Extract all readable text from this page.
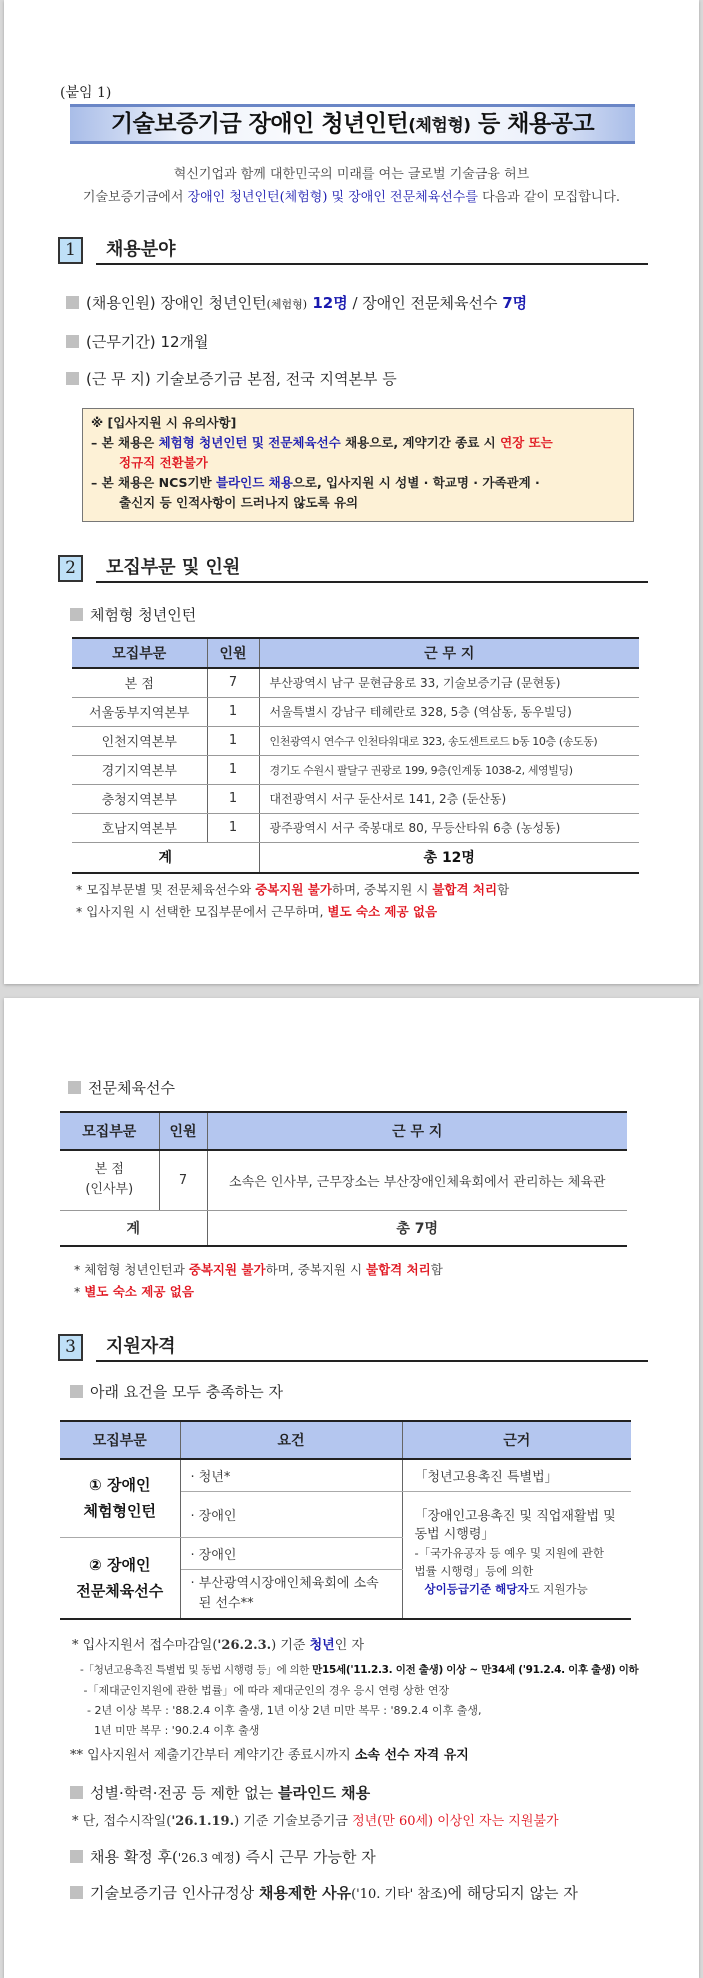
(붙임 1)
기술보증기금 장애인 청년인턴(체험형) 등 채용공고
혁신기업과 함께 대한민국의 미래를 여는 글로벌 기술금융 허브
기술보증기금에서 장애인 청년인턴(체험형) 및 장애인 전문체육선수를 다음과 같이 모집합니다.
1	채용분야
(채용인원) 장애인 청년인턴(체험형) 12명 / 장애인 전문체육선수 7명
(근무기간) 12개월
(근 무 지) 기술보증기금 본점, 전국 지역본부 등
※ [입사지원 시 유의사항]
– 본 채용은 체험형 청년인턴 및 전문체육선수 채용으로, 계약기간 종료 시 연장 또는
정규직 전환불가
– 본 채용은 NCS기반 블라인드 채용으로, 입사지원 시 성별 · 학교명 · 가족관계 ·
출신지 등 인적사항이 드러나지 않도록 유의
2	모집부문 및 인원
체험형 청년인턴
모집부문	인원	근 무 지
본 점	7	부산광역시 남구 문현금융로 33, 기술보증기금 (문현동)
서울동부지역본부	1	서울특별시 강남구 테헤란로 328, 5층 (역삼동, 동우빌딩)
인천지역본부	1	인천광역시 연수구 인천타워대로 323, 송도센트로드 b동 10층 (송도동)
경기지역본부	1	경기도 수원시 팔달구 권광로 199, 9층(인계동 1038-2, 세영빌딩)
충청지역본부	1	대전광역시 서구 둔산서로 141, 2층 (둔산동)
호남지역본부	1	광주광역시 서구 죽봉대로 80, 무등산타워 6층 (농성동)
계		총 12명
* 모집부문별 및 전문체육선수와 중복지원 불가하며, 중복지원 시 불합격 처리함
* 입사지원 시 선택한 모집부문에서 근무하며, 별도 숙소 제공 없음
전문체육선수
모집부문	인원	근 무 지

본 점
(인사부)	7	소속은 인사부, 근무장소는 부산장애인체육회에서 관리하는 체육관
계		총 7명
* 체험형 청년인턴과 중복지원 불가하며, 중복지원 시 불합격 처리함
* 별도 숙소 제공 없음
3	지원자격
아래 요건을 모두 충족하는 자
모집부문	요건	근거

① 장애인
체험형인턴	· 청년*	「청년고용촉진 특별법」
	· 장애인	「장애인고용촉진 및 직업재활법 및
동법 시행령」
-「국가유공자 등 예우 및 지원에 관한
법률 시행령」등에 의한
상이등급기준 해당자도 지원가능

② 장애인
전문체육선수	· 장애인	

	· 부산광역시장애인체육회에 소속
된 선수**	
* 입사지원서 접수마감일('26.2.3.) 기준 청년인 자
-「청년고용촉진 특별법 및 동법 시행령 등」에 의한 만15세('11.2.3. 이전 출생) 이상 ~ 만34세 ('91.2.4. 이후 출생) 이하
-「제대군인지원에 관한 법률」에 따라 제대군인의 경우 응시 연령 상한 연장
- 2년 이상 복무 : '88.2.4 이후 출생, 1년 이상 2년 미만 복무 : '89.2.4 이후 출생,
1년 미만 복무 : '90.2.4 이후 출생
** 입사지원서 제출기간부터 계약기간 종료시까지 소속 선수 자격 유지
성별·학력·전공 등 제한 없는 블라인드 채용
* 단, 접수시작일('26.1.19.) 기준 기술보증기금 정년(만 60세) 이상인 자는 지원불가
채용 확정 후('26.3 예정) 즉시 근무 가능한 자
기술보증기금 인사규정상 채용제한 사유('10. 기타' 참조)에 해당되지 않는 자
